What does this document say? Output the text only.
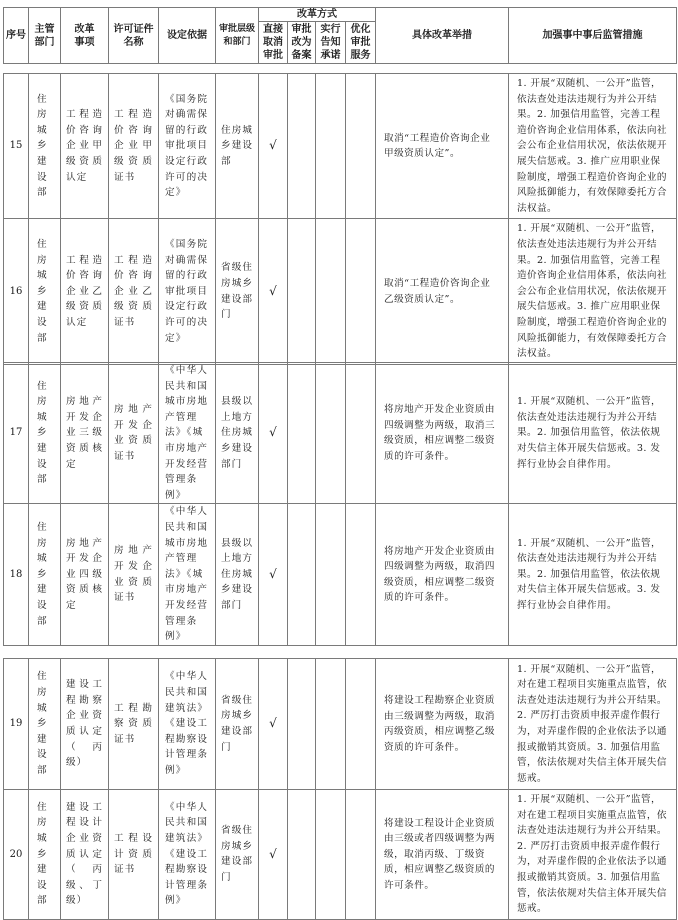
序号	主管部门	改革事项	许可证件名称	设定依据	审批层级和部门	改革方式				具体改革举措	加强事中事后监管措施

						直接取消审批	审批改为备案	实行告知承诺	优化审批服务		
15	住房城乡建设部	工程造价咨询企业甲级资质认定	工程造价咨询企业甲级资质证书	《国务院对确需保留的行政审批项目设定行政许可的决定》	住房城乡建设部	√				取消“工程造价咨询企业甲级资质认定”。	1. 开展“双随机、一公开”监管，依法查处违法违规行为并公开结果。2. 加强信用监管，完善工程造价咨询企业信用体系，依法向社会公布企业信用状况，依法依规开展失信惩戒。3. 推广应用职业保险制度，增强工程造价咨询企业的风险抵御能力，有效保障委托方合法权益。
16	住房城乡建设部	工程造价咨询企业乙级资质认定	工程造价咨询企业乙级资质证书	《国务院对确需保留的行政审批项目设定行政许可的决定》	省级住房城乡建设部门	√				取消“工程造价咨询企业乙级资质认定”。	1. 开展“双随机、一公开”监管，依法查处违法违规行为并公开结果。2. 加强信用监管，完善工程造价咨询企业信用体系，依法向社会公布企业信用状况，依法依规开展失信惩戒。3. 推广应用职业保险制度，增强工程造价咨询企业的风险抵御能力，有效保障委托方合法权益。
17	住房城乡建设部	房地产开发企业三级资质核定	房地产开发企业资质证书	《中华人民共和国城市房地产管理法》《城市房地产开发经营管理条例》	县级以上地方住房城乡建设部门	√				将房地产开发企业资质由四级调整为两级，取消三级资质，相应调整二级资质的许可条件。	1. 开展“双随机、一公开”监管，依法查处违法违规行为并公开结果。2. 加强信用监管，依法依规对失信主体开展失信惩戒。3. 发挥行业协会自律作用。
18	住房城乡建设部	房地产开发企业四级资质核定	房地产开发企业资质证书	《中华人民共和国城市房地产管理法》《城市房地产开发经营管理条例》	县级以上地方住房城乡建设部门	√				将房地产开发企业资质由四级调整为两级，取消四级资质，相应调整二级资质的许可条件。	1. 开展“双随机、一公开”监管，依法查处违法违规行为并公开结果。2. 加强信用监管，依法依规对失信主体开展失信惩戒。3. 发挥行业协会自律作用。
19	住房城乡建设部	建设工程勘察企业资质认定（丙级）	工程勘察资质证书	《中华人民共和国建筑法》《建设工程勘察设计管理条例》	省级住房城乡建设部门	√				将建设工程勘察企业资质由三级调整为两级，取消丙级资质，相应调整乙级资质的许可条件。	1. 开展“双随机、一公开”监管，对在建工程项目实施重点监管，依法查处违法违规行为并公开结果。2. 严厉打击资质申报弄虚作假行为，对弄虚作假的企业依法予以通报或撤销其资质。3. 加强信用监管，依法依规对失信主体开展失信惩戒。
20	住房城乡建设部	建设工程设计企业资质认定（丙级、丁级）	工程设计资质证书	《中华人民共和国建筑法》《建设工程勘察设计管理条例》	省级住房城乡建设部门	√				将建设工程设计企业资质由三级或者四级调整为两级，取消丙级、丁级资质，相应调整乙级资质的许可条件。	1. 开展“双随机、一公开”监管，对在建工程项目实施重点监管，依法查处违法违规行为并公开结果。2. 严厉打击资质申报弄虚作假行为，对弄虚作假的企业依法予以通报或撤销其资质。3. 加强信用监管，依法依规对失信主体开展失信惩戒。
